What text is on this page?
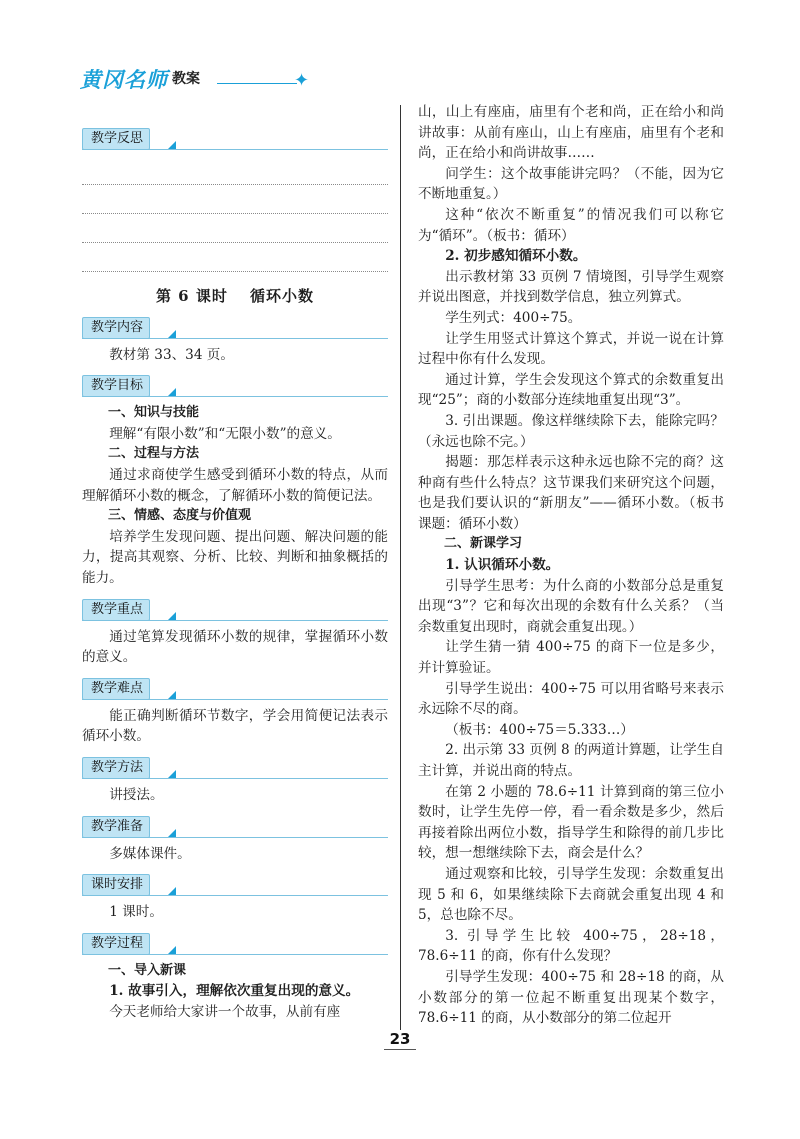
黄冈名师 教案	✦
教学反思
第 6 课时　 循环小数
教学内容

教材第 33、34 页。

教学目标

一、知识与技能

理解“有限小数”和“无限小数”的意义。

二、过程与方法

通过求商使学生感受到循环小数的特点，从而理解循环小数的概念，了解循环小数的简便记法。

三、情感、态度与价值观

培养学生发现问题、提出问题、解决问题的能力，提高其观察、分析、比较、判断和抽象概括的能力。

教学重点

通过笔算发现循环小数的规律，掌握循环小数的意义。

教学难点

能正确判断循环节数字，学会用简便记法表示循环小数。

教学方法

讲授法。

教学准备

多媒体课件。

课时安排

1 课时。

教学过程

一、导入新课

1. 故事引入，理解依次重复出现的意义。

今天老师给大家讲一个故事，从前有座

山，山上有座庙，庙里有个老和尚，正在给小和尚讲故事：从前有座山，山上有座庙，庙里有个老和尚，正在给小和尚讲故事……

问学生：这个故事能讲完吗？（不能，因为它不断地重复。）

这种“依次不断重复”的情况我们可以称它为“循环”。（板书：循环）

2. 初步感知循环小数。

出示教材第 33 页例 7 情境图，引导学生观察并说出图意，并找到数学信息，独立列算式。

学生列式：400÷75。

让学生用竖式计算这个算式，并说一说在计算过程中你有什么发现。

通过计算，学生会发现这个算式的余数重复出现“25”；商的小数部分连续地重复出现“3”。

3. 引出课题。像这样继续除下去，能除完吗？（永远也除不完。）

揭题：那怎样表示这种永远也除不完的商？这种商有些什么特点？这节课我们来研究这个问题，也是我们要认识的“新朋友”——循环小数。（板书课题：循环小数）

二、新课学习

1. 认识循环小数。

引导学生思考：为什么商的小数部分总是重复出现“3”？它和每次出现的余数有什么关系？（当余数重复出现时，商就会重复出现。）

让学生猜一猜 400÷75 的商下一位是多少，并计算验证。

引导学生说出：400÷75 可以用省略号来表示永远除不尽的商。

（板书：400÷75＝5.333…）

2. 出示第 33 页例 8 的两道计算题，让学生自主计算，并说出商的特点。

在第 2 小题的 78.6÷11 计算到商的第三位小数时，让学生先停一停，看一看余数是多少，然后再接着除出两位小数，指导学生和除得的前几步比较，想一想继续除下去，商会是什么？

通过观察和比较，引导学生发现：余数重复出现 5 和 6，如果继续除下去商就会重复出现 4 和 5，总也除不尽。

3. 引导学生比较 400÷75，28÷18，78.6÷11 的商，你有什么发现？

引导学生发现：400÷75 和 28÷18 的商，从小数部分的第一位起不断重复出现某个数字，78.6÷11 的商，从小数部分的第二位起开

23
